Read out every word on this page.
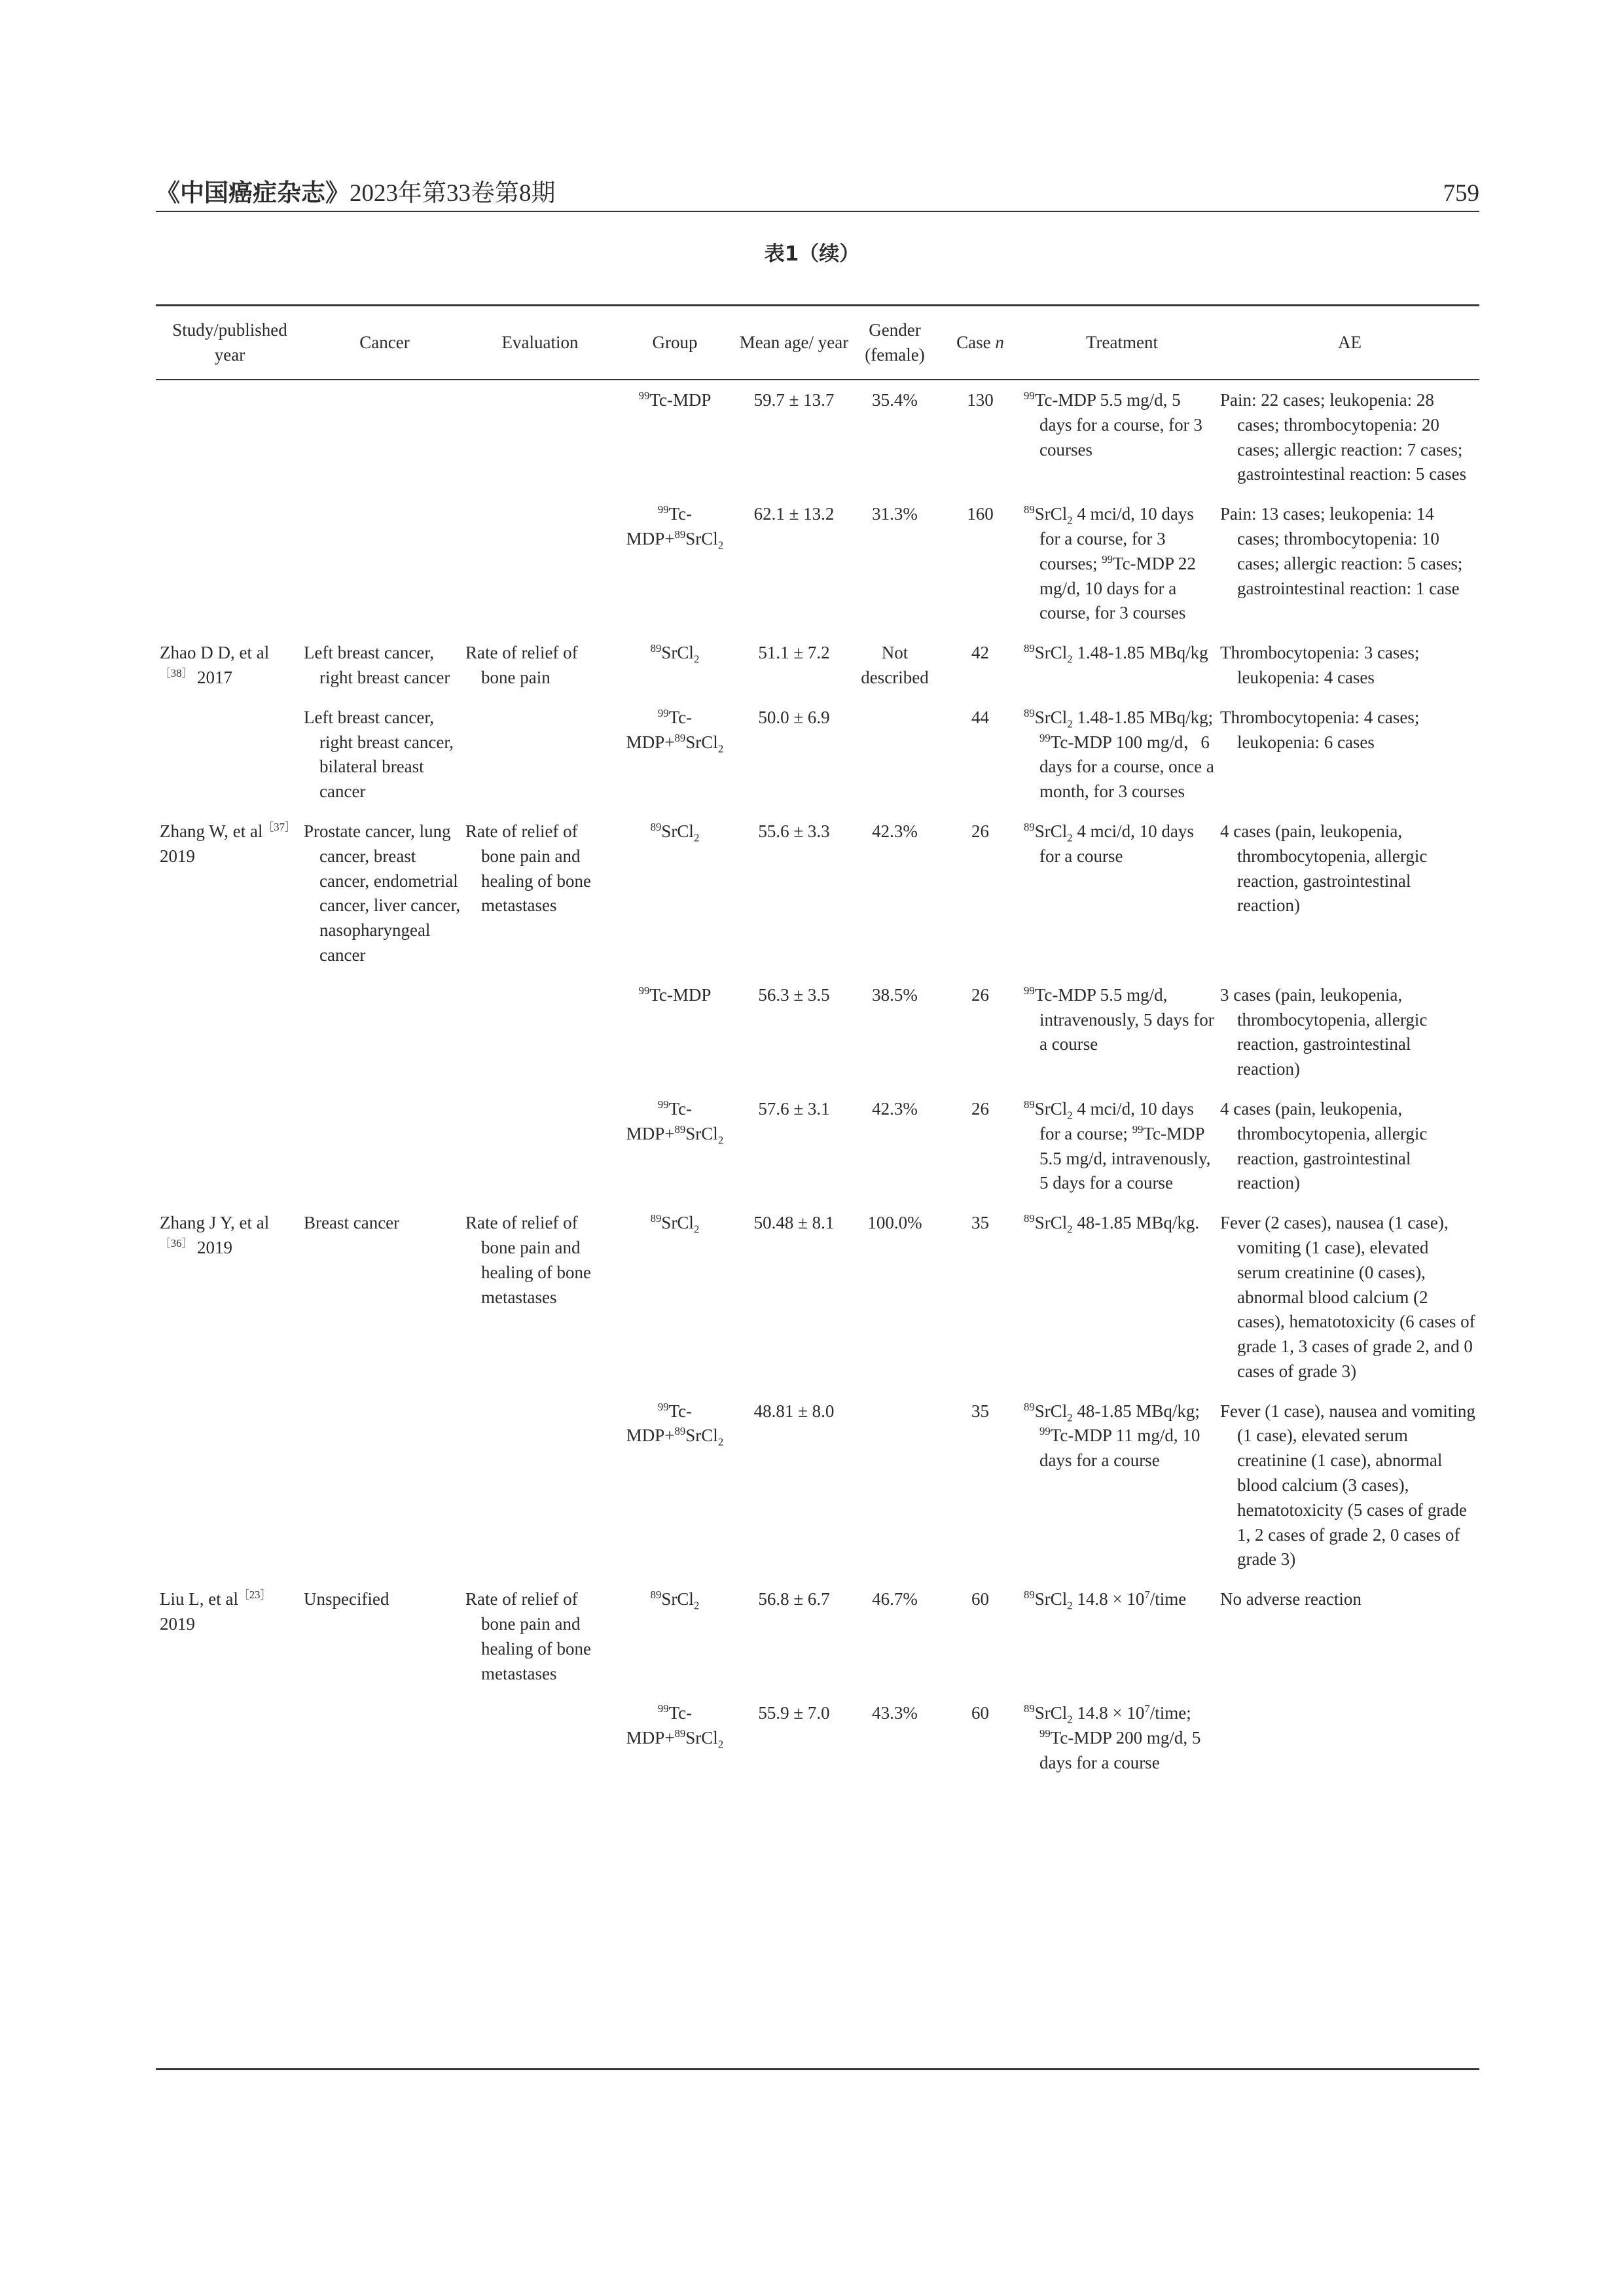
《中国癌症杂志》2023年第33卷第8期	759
表1（续）
Study/published year	Cancer	Evaluation	Group	Mean age/ year	Gender (female)	Case n	Treatment	AE
			$^{99}$Tc-MDP	59.7 ± 13.7	35.4%	130	$^{99}$Tc-MDP 5.5 mg/d, 5 days for a course, for 3 courses	Pain: 22 cases; leukopenia: 28 cases; thrombocytopenia: 20 cases; allergic reaction: 7 cases; gastrointestinal reaction: 5 cases
			$^{99}$Tc-MDP+$^{89}$SrCl$_2$	62.1 ± 13.2	31.3%	160	$^{89}$SrCl$_2$ 4 mci/d, 10 days for a course, for 3 courses; $^{99}$Tc-MDP 22 mg/d, 10 days for a course, for 3 courses	Pain: 13 cases; leukopenia: 14 cases; thrombocytopenia: 10 cases; allergic reaction: 5 cases; gastrointestinal reaction: 1 case
Zhao D D, et $al^{[38]}$ 2017	Left breast cancer, right breast cancer	Rate of relief of bone pain	$^{89}$SrCl$_2$	51.1 ± 7.2	Not described	42	$^{89}$SrCl$_2$ 1.48-1.85 MBq/kg	Thrombocytopenia: 3 cases; leukopenia: 4 cases
	Left breast cancer, right breast cancer, bilateral breast cancer		$^{99}$Tc-MDP+$^{89}$SrCl$_2$	50.0 ± 6.9		44	$^{89}$SrCl$_2$ 1.48-1.85 MBq/kg; $^{99}$Tc-MDP 100 mg/d，6 days for a course, once a month, for 3 courses	Thrombocytopenia: 4 cases; leukopenia: 6 cases
Zhang W, et $al^{[37]}2019$	Prostate cancer, lung cancer, breast cancer, endometrial cancer, liver cancer, nasopharyngeal cancer	Rate of relief of bone pain and healing of bone metastases	$^{89}$SrCl$_2$	55.6 ± 3.3	42.3%	26	$^{89}$SrCl$_2$ 4 mci/d, 10 days for a course	4 cases (pain, leukopenia, thrombocytopenia, allergic reaction, gastrointestinal reaction)
			$^{99}$Tc-MDP	56.3 ± 3.5	38.5%	26	$^{99}$Tc-MDP 5.5 mg/d, intravenously, 5 days for a course	3 cases (pain, leukopenia, thrombocytopenia, allergic reaction, gastrointestinal reaction)
			$^{99}$Tc-MDP+$^{89}$SrCl$_2$	57.6 ± 3.1	42.3%	26	$^{89}$SrCl$_2$ 4 mci/d, 10 days for a course; $^{99}$Tc-MDP 5.5 mg/d, intravenously, 5 days for a course	4 cases (pain, leukopenia, thrombocytopenia, allergic reaction, gastrointestinal reaction)
Zhang J Y, et $al^{[36]}$ 2019	Breast cancer	Rate of relief of bone pain and healing of bone metastases	$^{89}$SrCl$_2$	50.48 ± 8.1	100.0%	35	$^{89}$SrCl$_2$ 48-1.85 MBq/kg.	Fever (2 cases), nausea (1 case), vomiting (1 case), elevated serum creatinine (0 cases), abnormal blood calcium (2 cases), hematotoxicity (6 cases of grade 1, 3 cases of grade 2, and 0 cases of grade 3)
			$^{99}$Tc-MDP+$^{89}$SrCl$_2$	48.81 ± 8.0		35	$^{89}$SrCl$_2$ 48-1.85 MBq/kg; $^{99}$Tc-MDP 11 mg/d, 10 days for a course	Fever (1 case), nausea and vomiting (1 case), elevated serum creatinine (1 case), abnormal blood calcium (3 cases), hematotoxicity (5 cases of grade 1, 2 cases of grade 2, 0 cases of grade 3)
Liu L, et $al^{[23]}2019$	Unspecified	Rate of relief of bone pain and healing of bone metastases	$^{89}$SrCl$_2$	56.8 ± 6.7	46.7%	60	$^{89}$SrCl$_2$ $14.8 \times 10^7$/time	No adverse reaction
			$^{99}$Tc-MDP+$^{89}$SrCl$_2$	55.9 ± 7.0	43.3%	60	$^{89}$SrCl$_2$ $14.8 \times 10^7$/time; $^{99}$Tc-MDP 200 mg/d, 5 days for a course	
